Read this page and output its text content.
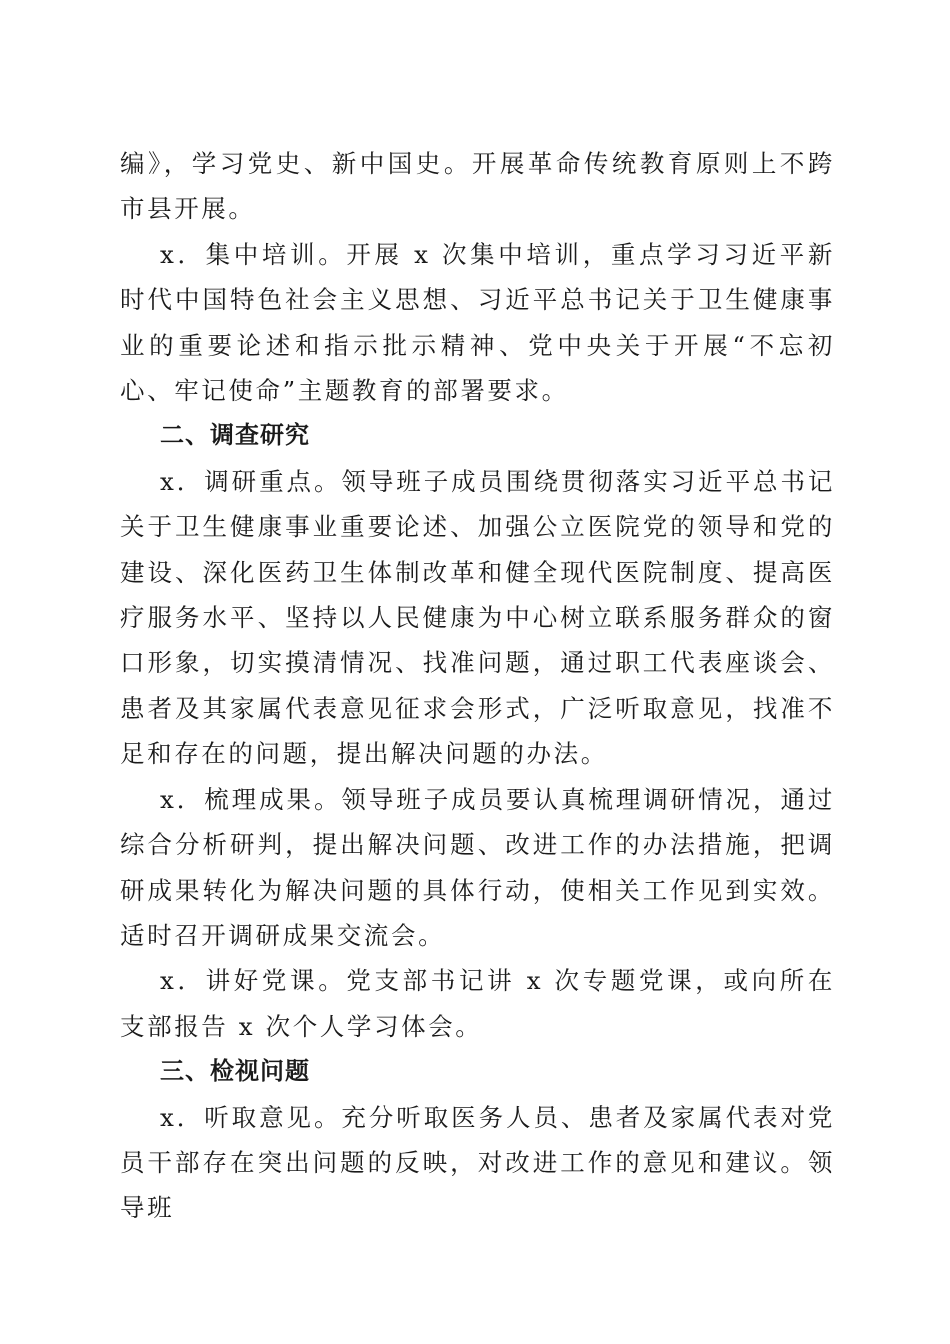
编》，学习党史、新中国史。开展革命传统教育原则上不跨市县开展。

x．集中培训。开展 x 次集中培训，重点学习习近平新时代中国特色社会主义思想、习近平总书记关于卫生健康事业的重要论述和指示批示精神、党中央关于开展“不忘初心、牢记使命”主题教育的部署要求。

二、调查研究

x．调研重点。领导班子成员围绕贯彻落实习近平总书记关于卫生健康事业重要论述、加强公立医院党的领导和党的建设、深化医药卫生体制改革和健全现代医院制度、提高医疗服务水平、坚持以人民健康为中心树立联系服务群众的窗口形象，切实摸清情况、找准问题，通过职工代表座谈会、患者及其家属代表意见征求会形式，广泛听取意见，找准不足和存在的问题，提出解决问题的办法。

x．梳理成果。领导班子成员要认真梳理调研情况，通过综合分析研判，提出解决问题、改进工作的办法措施，把调研成果转化为解决问题的具体行动，使相关工作见到实效。适时召开调研成果交流会。

x．讲好党课。党支部书记讲 x 次专题党课，或向所在支部报告 x 次个人学习体会。

三、检视问题

x．听取意见。充分听取医务人员、患者及家属代表对党员干部存在突出问题的反映，对改进工作的意见和建议。领导班
